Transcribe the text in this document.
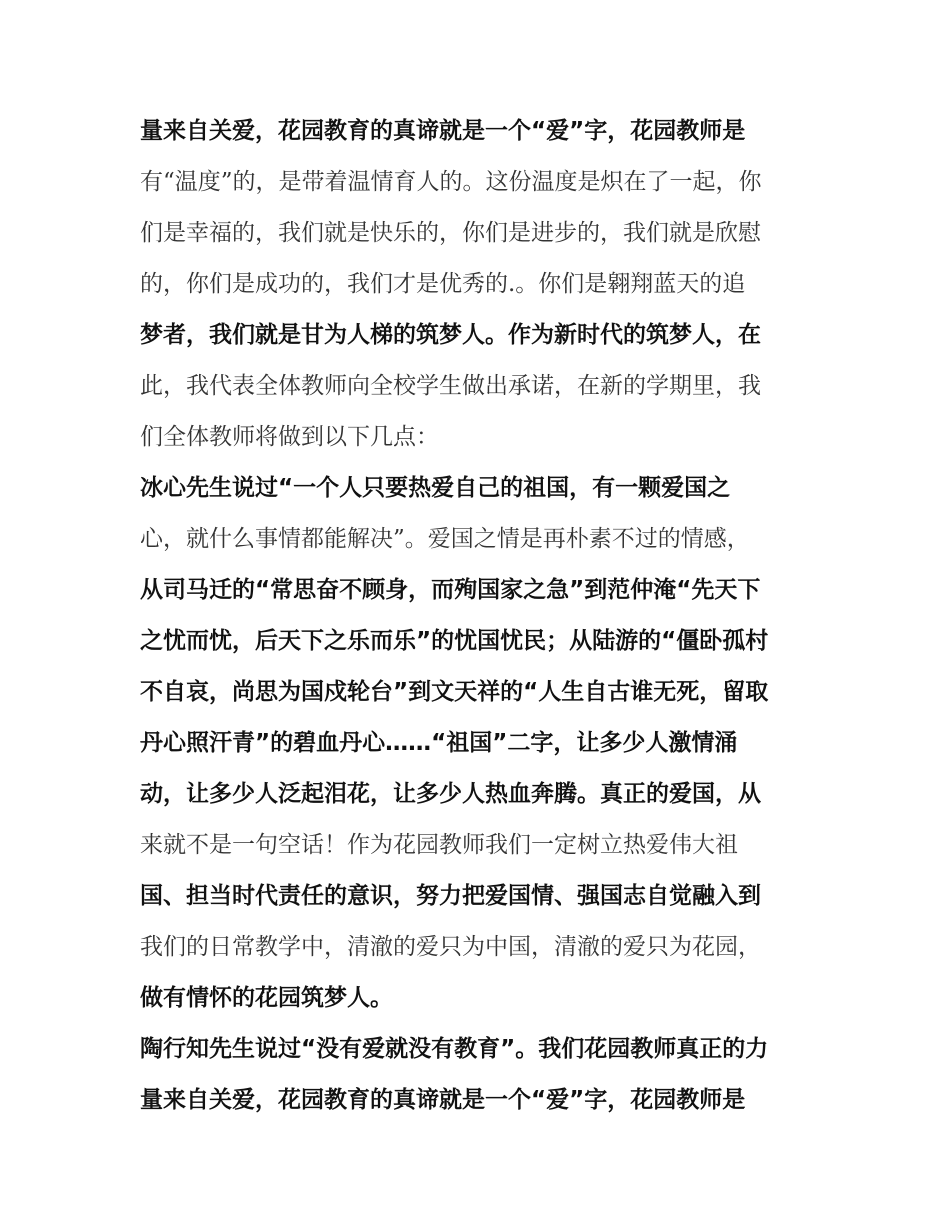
量来自关爱，花园教育的真谛就是一个“爱”字，花园教师是
有“温度”的，是带着温情育人的。这份温度是炽在了一起，你
们是幸福的，我们就是快乐的，你们是进步的，我们就是欣慰
的，你们是成功的，我们才是优秀的.。你们是翱翔蓝天的追
梦者，我们就是甘为人梯的筑梦人。作为新时代的筑梦人，在
此，我代表全体教师向全校学生做出承诺，在新的学期里，我
们全体教师将做到以下几点：
冰心先生说过“一个人只要热爱自己的祖国，有一颗爱国之
心，就什么事情都能解决”。爱国之情是再朴素不过的情感，
从司马迁的“常思奋不顾身，而殉国家之急”到范仲淹“先天下
之忧而忧，后天下之乐而乐”的忧国忧民；从陆游的“僵卧孤村
不自哀，尚思为国戍轮台”到文天祥的“人生自古谁无死，留取
丹心照汗青”的碧血丹心……“祖国”二字，让多少人激情涌
动，让多少人泛起泪花，让多少人热血奔腾。真正的爱国，从
来就不是一句空话！作为花园教师我们一定树立热爱伟大祖
国、担当时代责任的意识，努力把爱国情、强国志自觉融入到
我们的日常教学中，清澈的爱只为中国，清澈的爱只为花园，
做有情怀的花园筑梦人。
陶行知先生说过“没有爱就没有教育”。我们花园教师真正的力
量来自关爱，花园教育的真谛就是一个“爱”字，花园教师是
